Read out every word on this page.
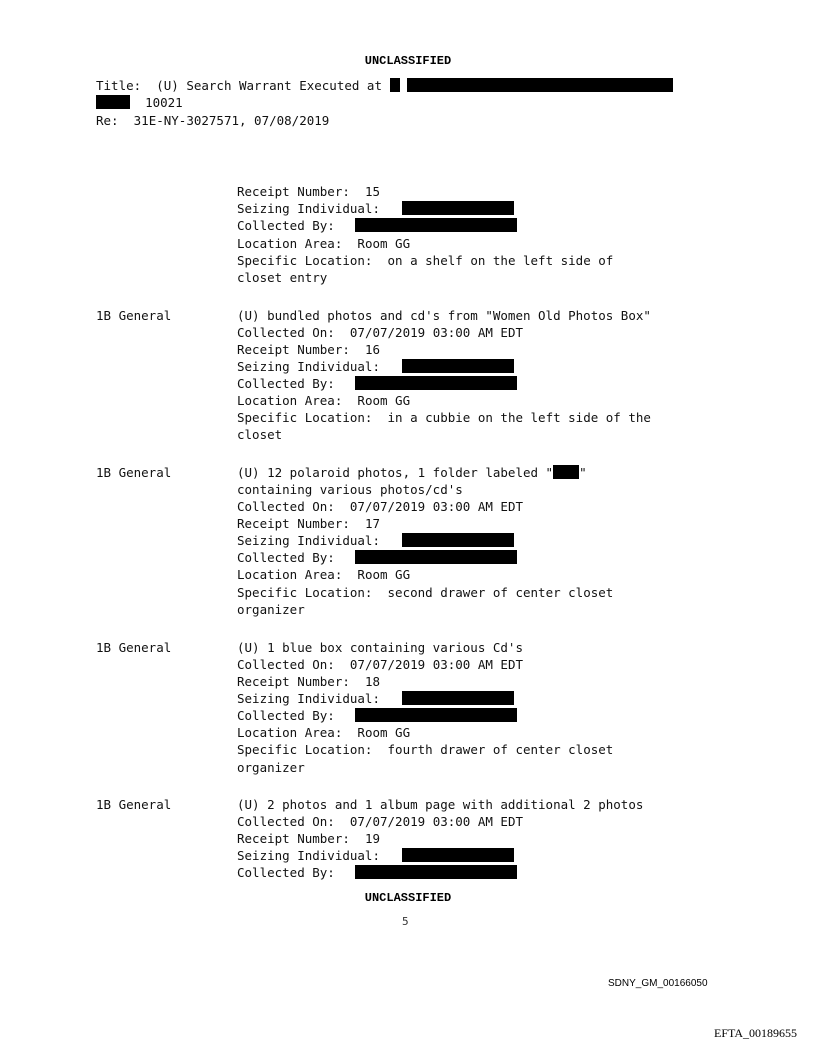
UNCLASSIFIED
Title: (U) Search Warrant Executed at
10021
Re: 31E-NY-3027571, 07/08/2019
Receipt Number: 15
Seizing Individual:
Collected By:
Location Area: Room GG
Specific Location: on a shelf on the left side of
closet entry
1B General	(U) bundled photos and cd's from "Women Old Photos Box"
Collected On: 07/07/2019 03:00 AM EDT
Receipt Number: 16
Seizing Individual:
Collected By:
Location Area: Room GG
Specific Location: in a cubbie on the left side of the
closet
1B General	(U) 12 polaroid photos, 1 folder labeled " "
containing various photos/cd's
Collected On: 07/07/2019 03:00 AM EDT
Receipt Number: 17
Seizing Individual:
Collected By:
Location Area: Room GG
Specific Location: second drawer of center closet
organizer
1B General	(U) 1 blue box containing various Cd's
Collected On: 07/07/2019 03:00 AM EDT
Receipt Number: 18
Seizing Individual:
Collected By:
Location Area: Room GG
Specific Location: fourth drawer of center closet
organizer
1B General	(U) 2 photos and 1 album page with additional 2 photos
Collected On: 07/07/2019 03:00 AM EDT
Receipt Number: 19
Seizing Individual:
Collected By:
UNCLASSIFIED
5
SDNY_GM_00166050
EFTA_00189655
